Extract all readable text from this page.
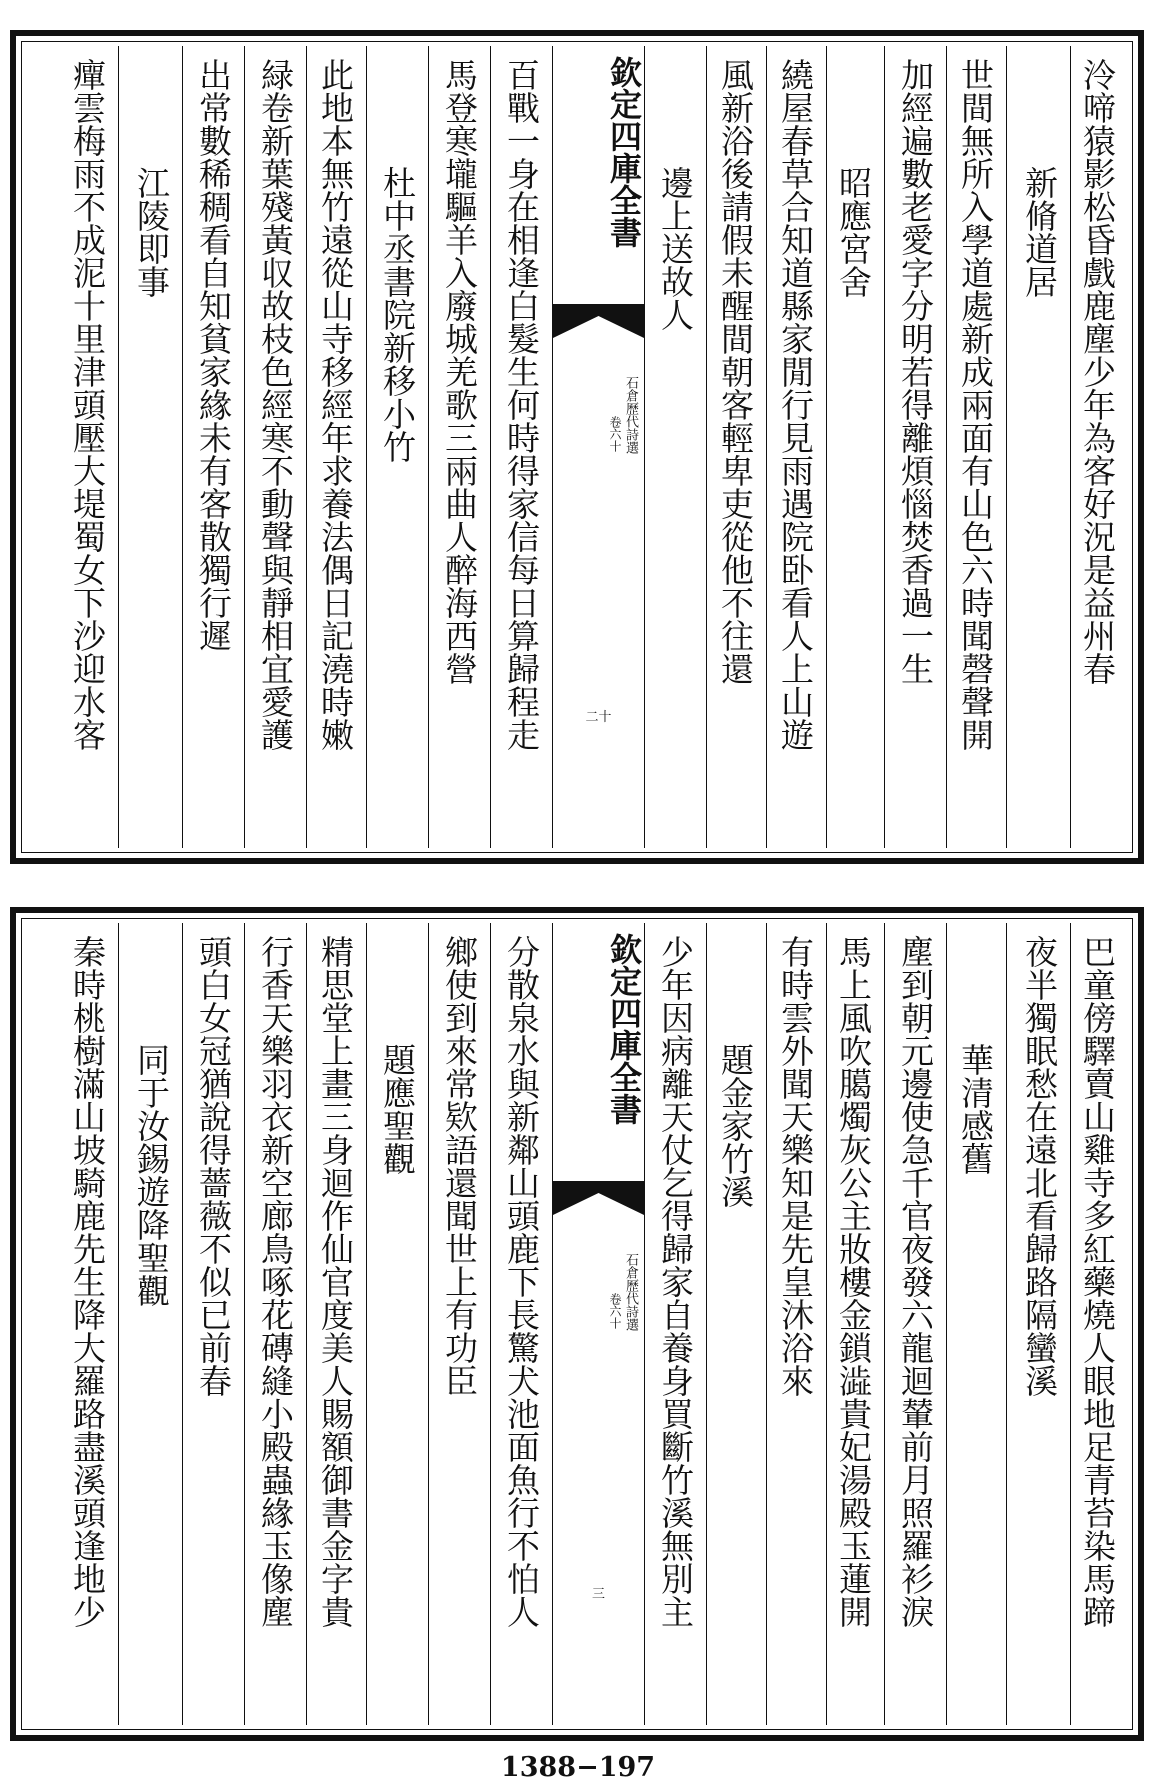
泠啼猿影松昏戲鹿塵少年為客好況是益州春
新脩道居
世間無所入學道處新成兩面有山色六時聞磬聲開
加經遍數老愛字分明若得離煩惱焚香過一生
昭應宮舍
繞屋春草合知道縣家閒行見雨遇院卧看人上山遊
風新浴後請假未醒間朝客輕卑吏從他不往還
邊上送故人
欽定四庫全書
石倉歷代詩選
卷六十
二十
百戰一身在相逢白髮生何時得家信每日算歸程走
馬登寒壠驅羊入廢城羌歌三兩曲人醉海西營
杜中丞書院新移小竹
此地本無竹遠從山寺移經年求養法偶日記澆時嫩
緑卷新葉殘黃収故枝色經寒不動聲與靜相宜愛護
出常數稀稠看自知貧家緣未有客散獨行遲
江陵即事
癉雲梅雨不成泥十里津頭壓大堤蜀女下沙迎水客
巴童傍驛賣山雞寺多紅藥燒人眼地足青苔染馬蹄
夜半獨眠愁在遠北看歸路隔蠻溪
華清感舊
塵到朝元邊使急千官夜發六龍迴輦前月照羅衫淚
馬上風吹臈燭灰公主妝樓金鎖澁貴妃湯殿玉蓮開
有時雲外聞天樂知是先皇沐浴來
題金家竹溪
少年因病離天仗乞得歸家自養身買斷竹溪無別主
欽定四庫全書
石倉歷代詩選
卷六十
三
分散泉水與新鄰山頭鹿下長驚犬池面魚行不怕人
鄉使到來常欵語還聞世上有功臣
題應聖觀
精思堂上畫三身迴作仙官度美人賜額御書金字貴
行香天樂羽衣新空廊鳥啄花磚縫小殿蟲緣玉像塵
頭白女冠猶說得薔薇不似已前春
同于汝錫遊降聖觀
秦時桃樹滿山坡騎鹿先生降大羅路盡溪頭逢地少
1388−197
